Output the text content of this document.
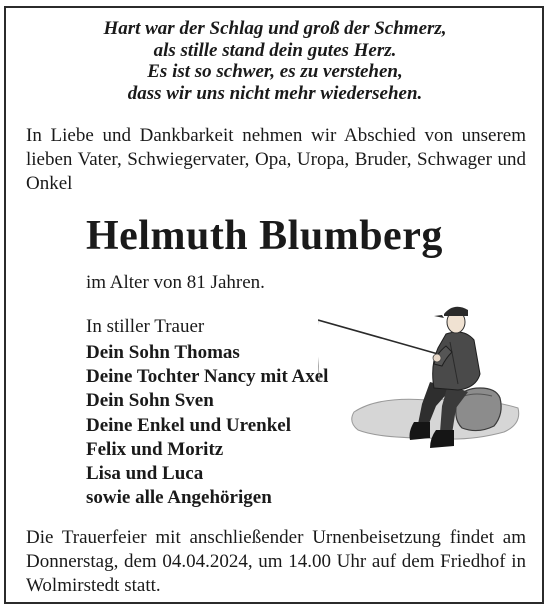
Hart war der Schlag und groß der Schmerz,
als stille stand dein gutes Herz.
Es ist so schwer, es zu verstehen,
dass wir uns nicht mehr wiedersehen.
In Liebe und Dankbarkeit nehmen wir Abschied von unserem lieben Vater, Schwiegervater, Opa, Uropa, Bruder, Schwager und Onkel
Helmuth Blumberg
im Alter von 81 Jahren.
In stiller Trauer
Dein Sohn Thomas
Deine Tochter Nancy mit Axel
Dein Sohn Sven
Deine Enkel und Urenkel
Felix und Moritz
Lisa und Luca
sowie alle Angehörigen
Die Trauerfeier mit anschließender Urnenbeisetzung findet am Donnerstag, dem 04.04.2024, um 14.00 Uhr auf dem Friedhof in Wolmirstedt statt.
